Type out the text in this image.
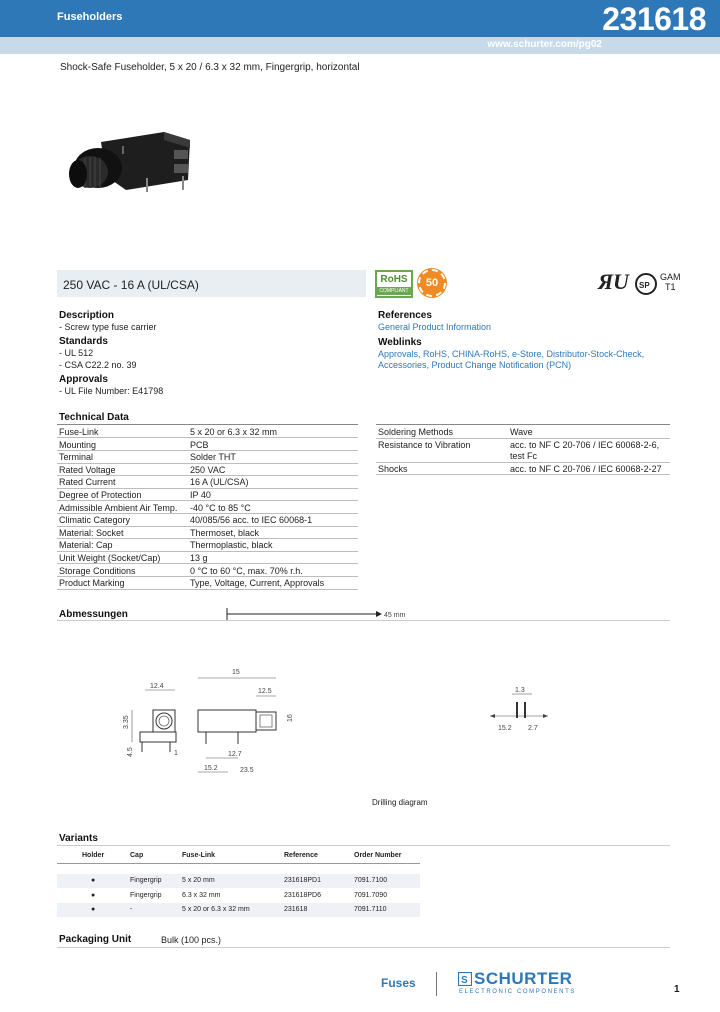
Fuseholders	231618
www.schurter.com/pg02
Shock-Safe Fuseholder, 5 x 20 / 6.3 x 32 mm, Fingergrip, horizontal
250 VAC - 16 A (UL/CSA)	RoHS
COMPLIANT
50	Я U SP
GAM
T1
Description
- Screw type fuse carrier
Standards
- UL 512
- CSA C22.2 no. 39
Approvals
- UL File Number: E41798
References
General Product Information
Weblinks
Approvals, RoHS, CHINA-RoHS, e-Store, Distributor-Stock-Check,
Accessories, Product Change Notification (PCN)
Technical Data
Fuse-Link	5 x 20 or 6.3 x 32 mm
Mounting	PCB
Terminal	Solder THT
Rated Voltage	250 VAC
Rated Current	16 A (UL/CSA)
Degree of Protection	IP 40
Admissible Ambient Air Temp. -40 °C to 85 °C
Climatic Category	40/085/56 acc. to IEC 60068-1
Material: Socket	Thermoset, black
Material: Cap	Thermoplastic, black
Unit Weight (Socket/Cap)	13 g
Storage Conditions	0 °C to 60 °C, max. 70% r.h.
Product Marking	Type, Voltage, Current, Approvals
Soldering Methods	Wave
Resistance to Vibration	acc. to NF C 20-706 / IEC 60068-2-6,
test Fc
Shocks	acc. to NF C 20-706 / IEC 60068-2-27
Abmessungen	45 mm
12.4
3.35
4.5	1
15
12.5
16
12.7
15.2	23.5
1.3
15.2 2.7
Drilling diagram
Variants
Holder	Cap	Fuse-Link	Reference	Order Number
●	Fingergrip	5 x 20 mm	231618PD1	7091.7100
●	Fingergrip	6.3 x 32 mm	231618PD6	7091.7090
●	-	5 x 20 or 6.3 x 32 mm	231618	7091.7110
Packaging Unit	Bulk (100 pcs.)
Fuses	S SCHURTER
ELECTRONIC COMPONENTS	1
